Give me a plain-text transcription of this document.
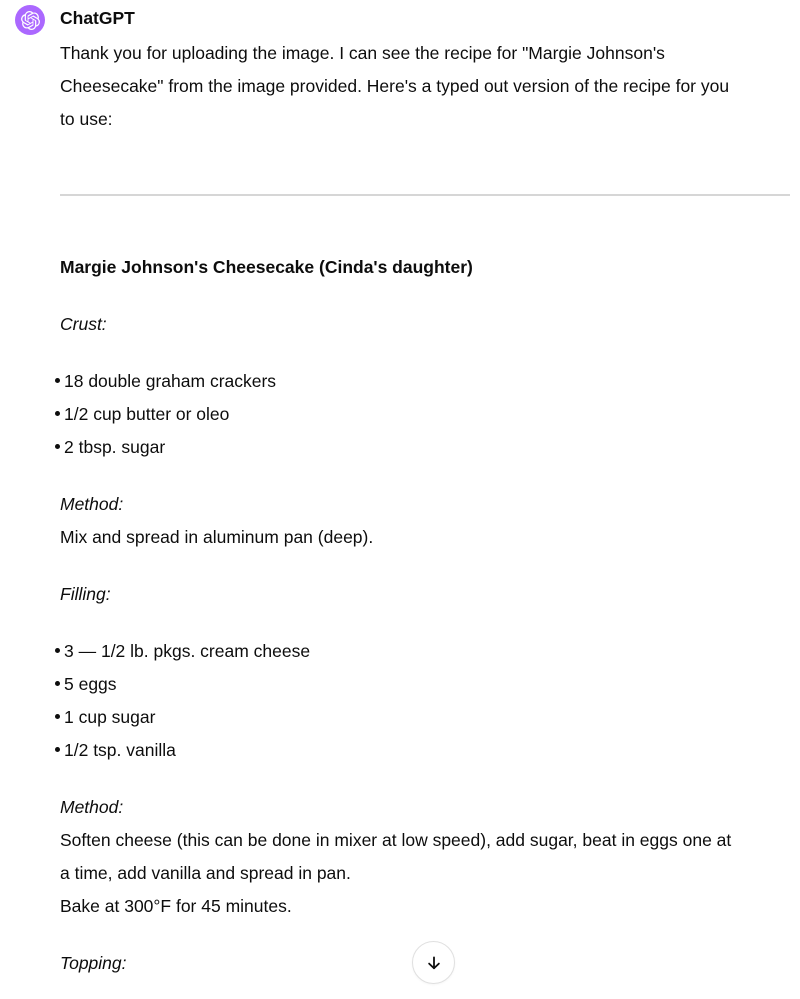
ChatGPT

Thank you for uploading the image. I can see the recipe for "Margie Johnson's
Cheesecake" from the image provided. Here's a typed out version of the recipe for you
to use:

Margie Johnson's Cheesecake (Cinda's daughter)

Crust:

18 double graham crackers
1/2 cup butter or oleo
2 tbsp. sugar

Method:
Mix and spread in aluminum pan (deep).

Filling:

3 — 1/2 lb. pkgs. cream cheese
5 eggs
1 cup sugar
1/2 tsp. vanilla

Method:
Soften cheese (this can be done in mixer at low speed), add sugar, beat in eggs one at
a time, add vanilla and spread in pan.
Bake at 300°F for 45 minutes.

Topping:
